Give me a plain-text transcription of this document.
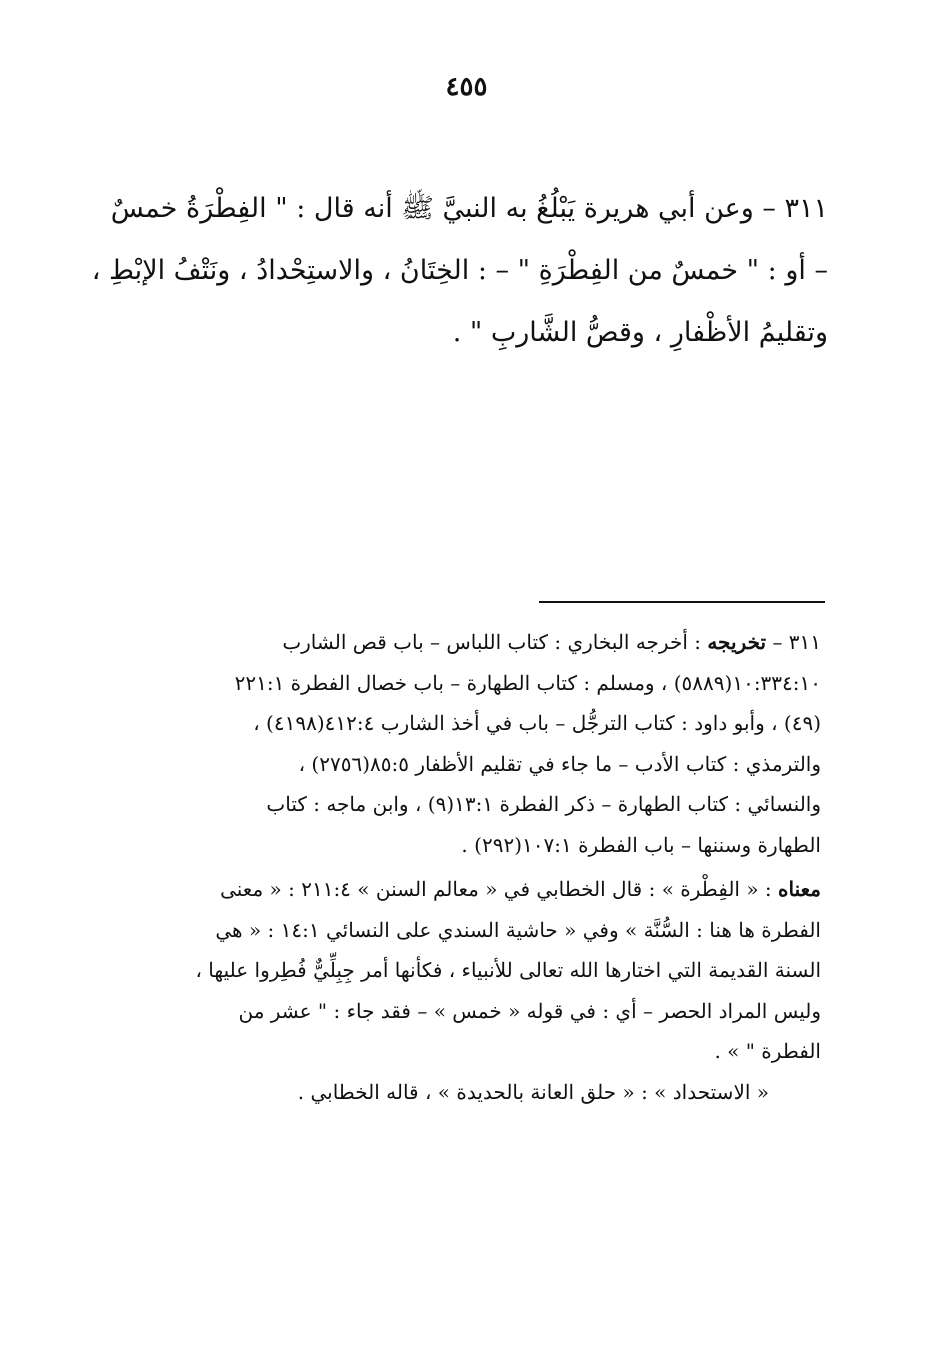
٤٥٥
٣١١ – وعن أبي هريرة يَبْلُغُ به النبيَّ ﷺ أنه قال : " الفِطْرَةُ خمسٌ
– أو : " خمسٌ من الفِطْرَةِ " – : الخِتَانُ ، والاستِحْدادُ ، ونَتْفُ الإبْطِ ،
وتقليمُ الأظْفارِ ، وقصُّ الشَّاربِ " .
٣١١ – تخريجه : أخرجه البخاري : كتاب اللباس – باب قص الشارب
١٠:٣٣٤:١٠(٥٨٨٩) ، ومسلم : كتاب الطهارة – باب خصال الفطرة ٢٢١:١
(٤٩) ، وأبو داود : كتاب الترجُّل – باب في أخذ الشارب ٤١٢:٤(٤١٩٨) ،
والترمذي : كتاب الأدب – ما جاء في تقليم الأظفار ٨٥:٥(٢٧٥٦) ،
والنسائي : كتاب الطهارة – ذكر الفطرة ١٣:١(٩) ، وابن ماجه : كتاب
الطهارة وسننها – باب الفطرة ١٠٧:١(٢٩٢) .
معناه : « الفِطْرة » : قال الخطابي في « معالم السنن » ٢١١:٤ : « معنى
الفطرة ها هنا : السُّنَّة » وفي « حاشية السندي على النسائي ١٤:١ : « هي
السنة القديمة التي اختارها الله تعالى للأنبياء ، فكأنها أمر جِبِلِّيٌّ فُطِروا عليها ،
وليس المراد الحصر – أي : في قوله « خمس » – فقد جاء : " عشر من
الفطرة " » .
« الاستحداد » : « حلق العانة بالحديدة » ، قاله الخطابي .
